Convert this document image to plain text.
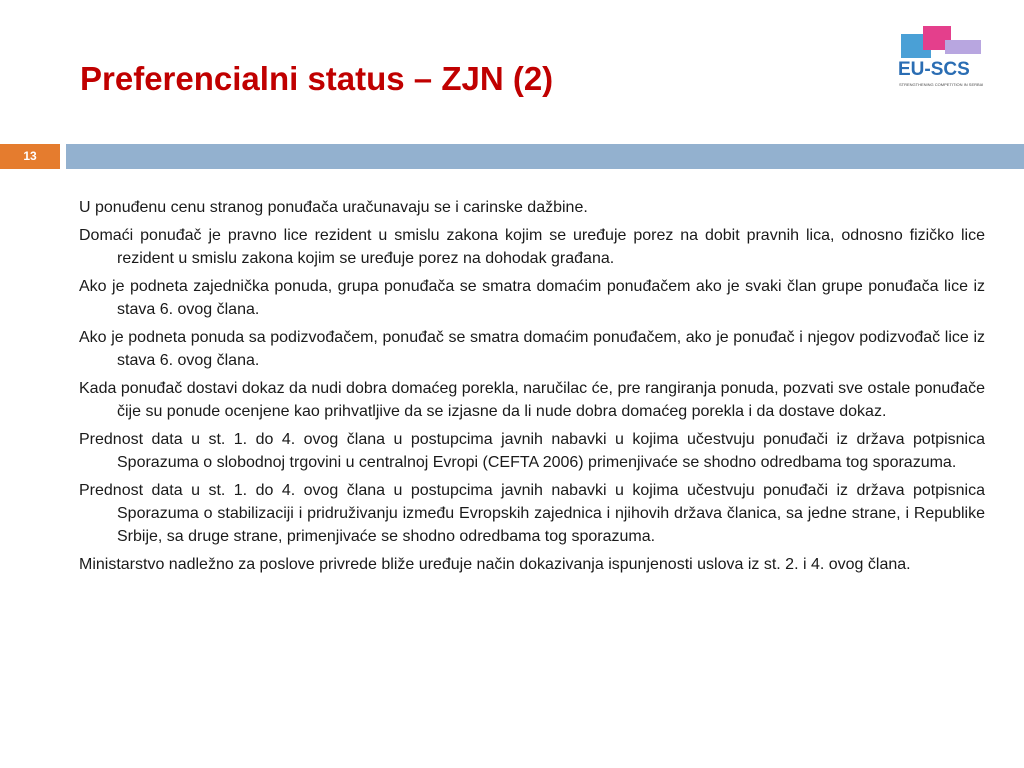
Preferencialni status – ZJN (2)	EU-SCS
STRENGTHENING COMPETITION IN SERBIA
13

U ponuđenu cenu stranog ponuđača uračunavaju se i carinske dažbine.

Domaći ponuđač je pravno lice rezident u smislu zakona kojim se uređuje porez na dobit pravnih lica, odnosno fizičko lice rezident u smislu zakona kojim se uređuje porez na dohodak građana.

Ako je podneta zajednička ponuda, grupa ponuđača se smatra domaćim ponuđačem ako je svaki član grupe ponuđača lice iz stava 6. ovog člana.

Ako je podneta ponuda sa podizvođačem, ponuđač se smatra domaćim ponuđačem, ako je ponuđač i njegov podizvođač lice iz stava 6. ovog člana.

Kada ponuđač dostavi dokaz da nudi dobra domaćeg porekla, naručilac će, pre rangiranja ponuda, pozvati sve ostale ponuđače čije su ponude ocenjene kao prihvatljive da se izjasne da li nude dobra domaćeg porekla i da dostave dokaz.

Prednost data u st. 1. do 4. ovog člana u postupcima javnih nabavki u kojima učestvuju ponuđači iz država potpisnica Sporazuma o slobodnoj trgovini u centralnoj Evropi (CEFTA 2006) primenjivaće se shodno odredbama tog sporazuma.

Prednost data u st. 1. do 4. ovog člana u postupcima javnih nabavki u kojima učestvuju ponuđači iz država potpisnica Sporazuma o stabilizaciji i pridruživanju između Evropskih zajednica i njihovih država članica, sa jedne strane, i Republike Srbije, sa druge strane, primenjivaće se shodno odredbama tog sporazuma.

Ministarstvo nadležno za poslove privrede bliže uređuje način dokazivanja ispunjenosti uslova iz st. 2. i 4. ovog člana.
